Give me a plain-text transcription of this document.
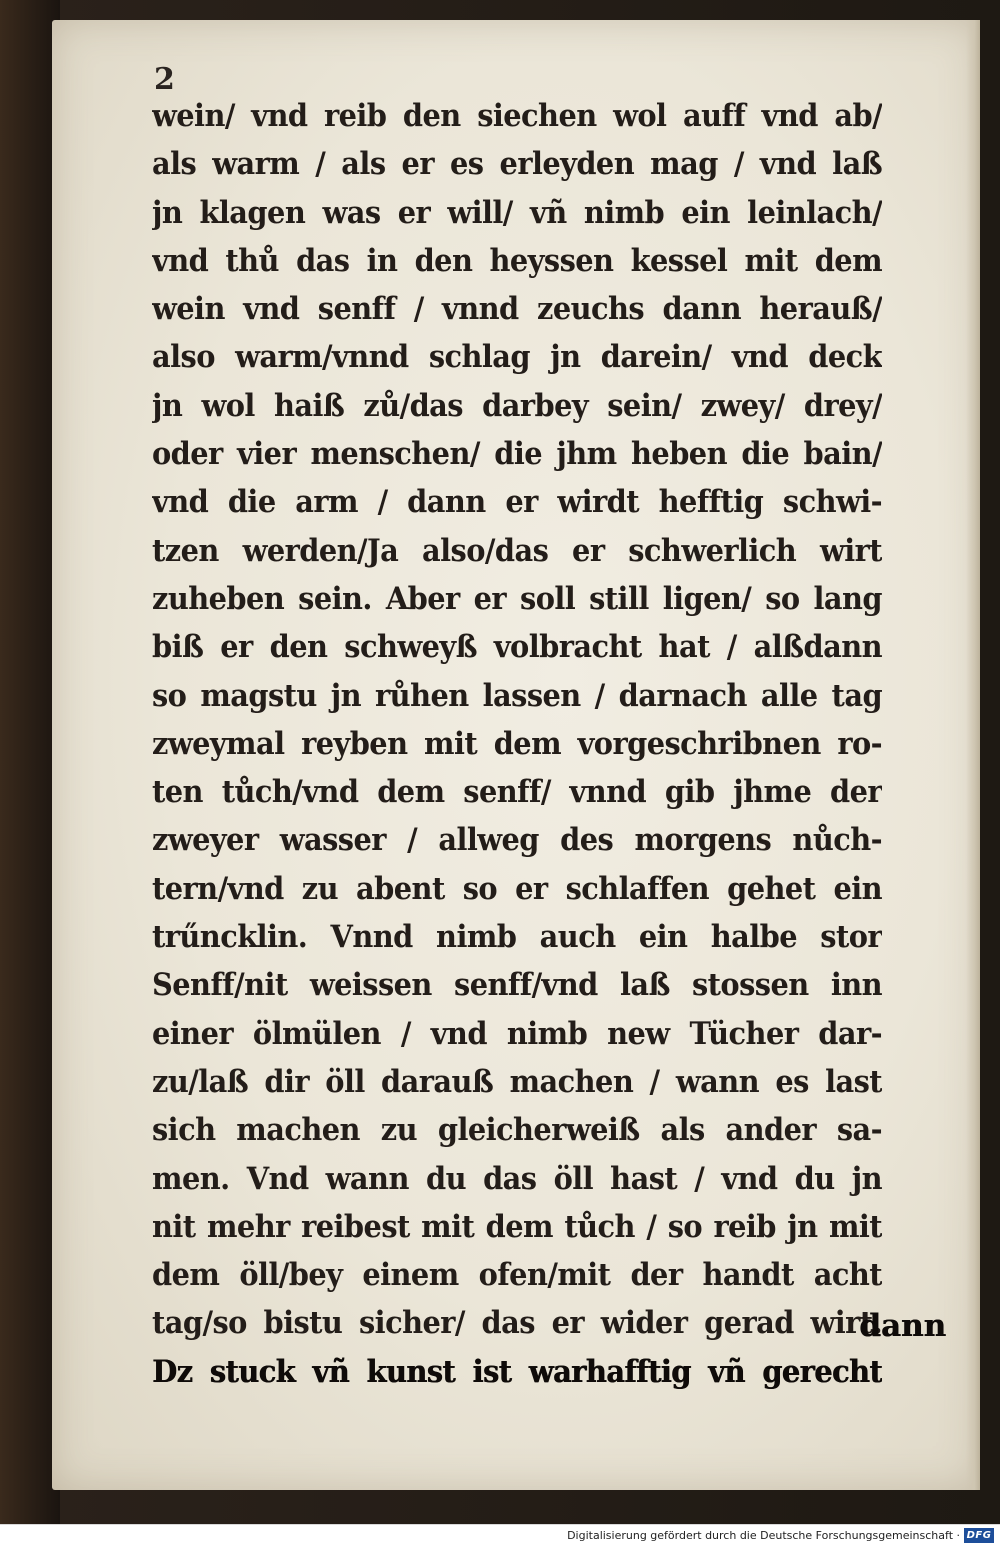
2
wein/ vnd reib den siechen wol auff vnd ab/
als warm / als er es erleyden mag / vnd laß
jn klagen was er will/ vñ nimb ein leinlach/
vnd thů das in den heyssen kessel mit dem
wein vnd senff / vnnd zeuchs dann herauß/
also warm/vnnd schlag jn darein/ vnd deck
jn wol haiß zů/das darbey sein/ zwey/ drey/
oder vier menschen/ die jhm heben die bain/
vnd die arm / dann er wirdt hefftig schwi-
tzen werden/Ja also/das er schwerlich wirt
zuheben sein. Aber er soll still ligen/ so lang
biß er den schweyß volbracht hat / alßdann
so magstu jn růhen lassen / darnach alle tag
zweymal reyben mit dem vorgeschribnen ro-
ten tůch/vnd dem senff/ vnnd gib jhme der
zweyer wasser / allweg des morgens nůch-
tern/vnd zu abent so er schlaffen gehet ein
trűncklin. Vnnd nimb auch ein halbe stor
Senff/nit weissen senff/vnd laß stossen inn
einer ölmülen / vnd nimb new Tücher dar-
zu/laß dir öll darauß machen / wann es last
sich machen zu gleicherweiß als ander sa-
men. Vnd wann du das öll hast / vnd du jn
nit mehr reibest mit dem tůch / so reib jn mit
dem öll/bey einem ofen/mit der handt acht
tag/so bistu sicher/ das er wider gerad wirt.
Dz stuck vñ kunst ist warhafftig vñ gerecht
dann
Digitalisierung gefördert durch die Deutsche Forschungsgemeinschaft · DFG
